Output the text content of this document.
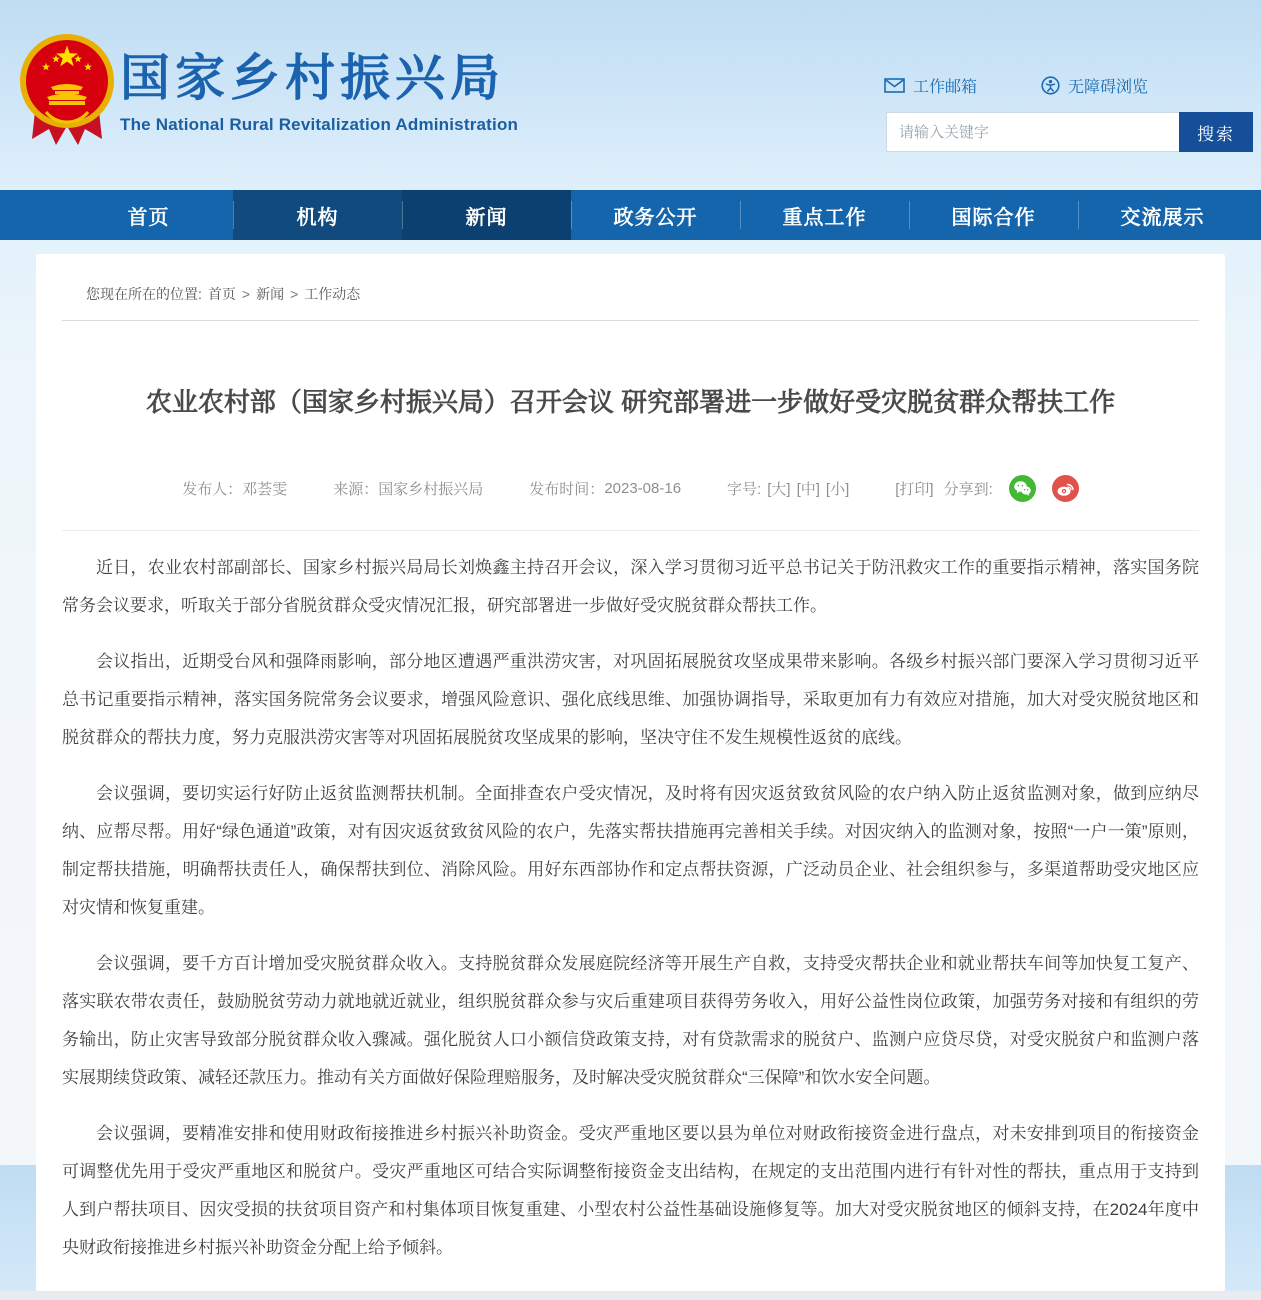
国家乡村振兴局
The National Rural Revitalization Administration
工作邮箱	无障碍浏览
请输入关键字
搜索
首页	机构	新闻	政务公开	重点工作	国际合作	交流展示
您现在所在的位置: 首页 > 新闻 > 工作动态
农业农村部（国家乡村振兴局）召开会议 研究部署进一步做好受灾脱贫群众帮扶工作
发布人： 邓荟雯	来源： 国家乡村振兴局	发布时间： 2023-08-16	字号: [大] [中] [小]	[打印] 分享到:

近日，农业农村部副部长、国家乡村振兴局局长刘焕鑫主持召开会议，深入学习贯彻习近平总书记关于防汛救灾工作的重要指示精神，落实国务院常务会议要求，听取关于部分省脱贫群众受灾情况汇报，研究部署进一步做好受灾脱贫群众帮扶工作。

会议指出，近期受台风和强降雨影响，部分地区遭遇严重洪涝灾害，对巩固拓展脱贫攻坚成果带来影响。各级乡村振兴部门要深入学习贯彻习近平总书记重要指示精神，落实国务院常务会议要求，增强风险意识、强化底线思维、加强协调指导，采取更加有力有效应对措施，加大对受灾脱贫地区和脱贫群众的帮扶力度，努力克服洪涝灾害等对巩固拓展脱贫攻坚成果的影响，坚决守住不发生规模性返贫的底线。

会议强调，要切实运行好防止返贫监测帮扶机制。全面排查农户受灾情况，及时将有因灾返贫致贫风险的农户纳入防止返贫监测对象，做到应纳尽纳、应帮尽帮。用好“绿色通道”政策，对有因灾返贫致贫风险的农户，先落实帮扶措施再完善相关手续。对因灾纳入的监测对象，按照“一户一策”原则，制定帮扶措施，明确帮扶责任人，确保帮扶到位、消除风险。用好东西部协作和定点帮扶资源，广泛动员企业、社会组织参与，多渠道帮助受灾地区应对灾情和恢复重建。

会议强调，要千方百计增加受灾脱贫群众收入。支持脱贫群众发展庭院经济等开展生产自救，支持受灾帮扶企业和就业帮扶车间等加快复工复产、落实联农带农责任，鼓励脱贫劳动力就地就近就业，组织脱贫群众参与灾后重建项目获得劳务收入，用好公益性岗位政策，加强劳务对接和有组织的劳务输出，防止灾害导致部分脱贫群众收入骤减。强化脱贫人口小额信贷政策支持，对有贷款需求的脱贫户、监测户应贷尽贷，对受灾脱贫户和监测户落实展期续贷政策、减轻还款压力。推动有关方面做好保险理赔服务，及时解决受灾脱贫群众“三保障”和饮水安全问题。

会议强调，要精准安排和使用财政衔接推进乡村振兴补助资金。受灾严重地区要以县为单位对财政衔接资金进行盘点，对未安排到项目的衔接资金可调整优先用于受灾严重地区和脱贫户。受灾严重地区可结合实际调整衔接资金支出结构，在规定的支出范围内进行有针对性的帮扶，重点用于支持到人到户帮扶项目、因灾受损的扶贫项目资产和村集体项目恢复重建、小型农村公益性基础设施修复等。加大对受灾脱贫地区的倾斜支持，在2024年度中央财政衔接推进乡村振兴补助资金分配上给予倾斜。
